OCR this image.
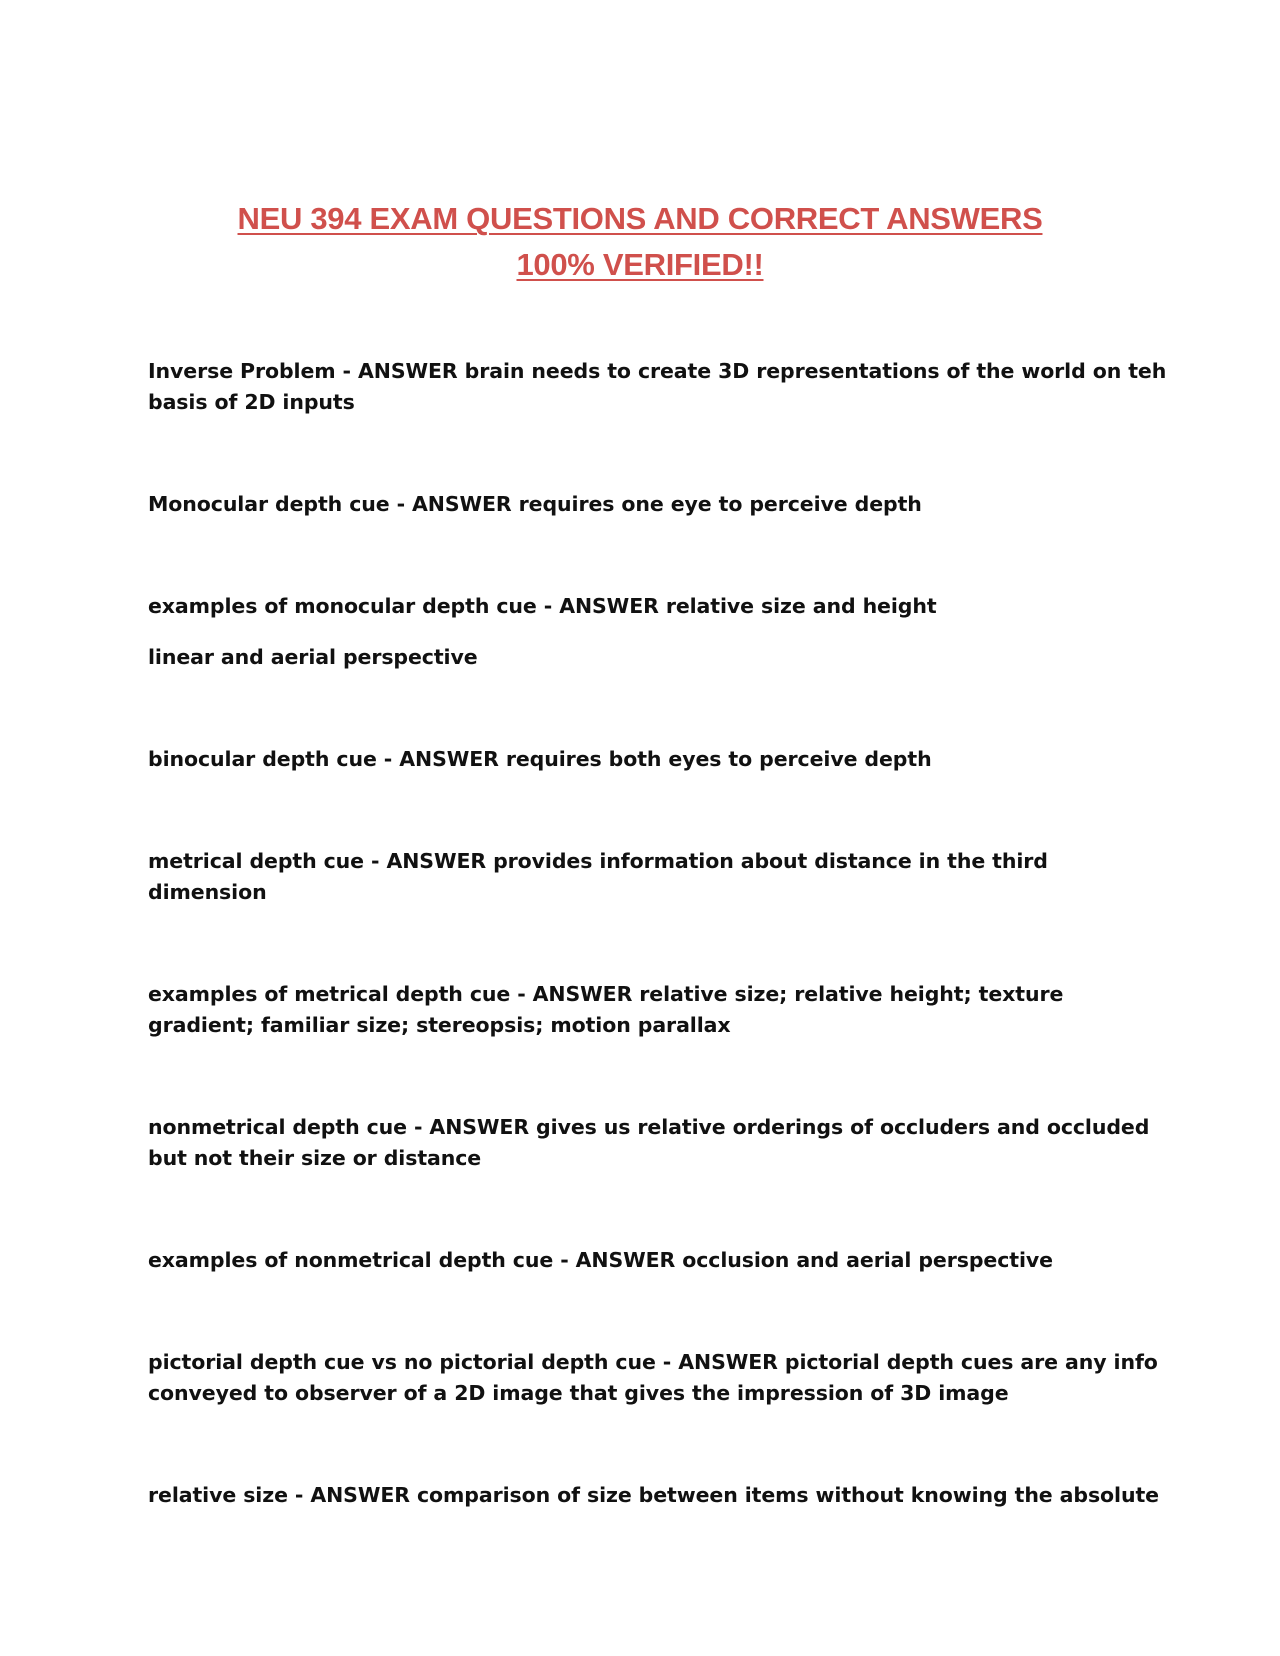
NEU 394 EXAM QUESTIONS AND CORRECT ANSWERS
100% VERIFIED!!
Inverse Problem - ANSWER brain needs to create 3D representations of the world on teh
basis of 2D inputs
Monocular depth cue - ANSWER requires one eye to perceive depth
examples of monocular depth cue - ANSWER relative size and height
linear and aerial perspective
binocular depth cue - ANSWER requires both eyes to perceive depth
metrical depth cue - ANSWER provides information about distance in the third
dimension
examples of metrical depth cue - ANSWER relative size; relative height; texture
gradient; familiar size; stereopsis; motion parallax
nonmetrical depth cue - ANSWER gives us relative orderings of occluders and occluded
but not their size or distance
examples of nonmetrical depth cue - ANSWER occlusion and aerial perspective
pictorial depth cue vs no pictorial depth cue - ANSWER pictorial depth cues are any info
conveyed to observer of a 2D image that gives the impression of 3D image
relative size - ANSWER comparison of size between items without knowing the absolute
